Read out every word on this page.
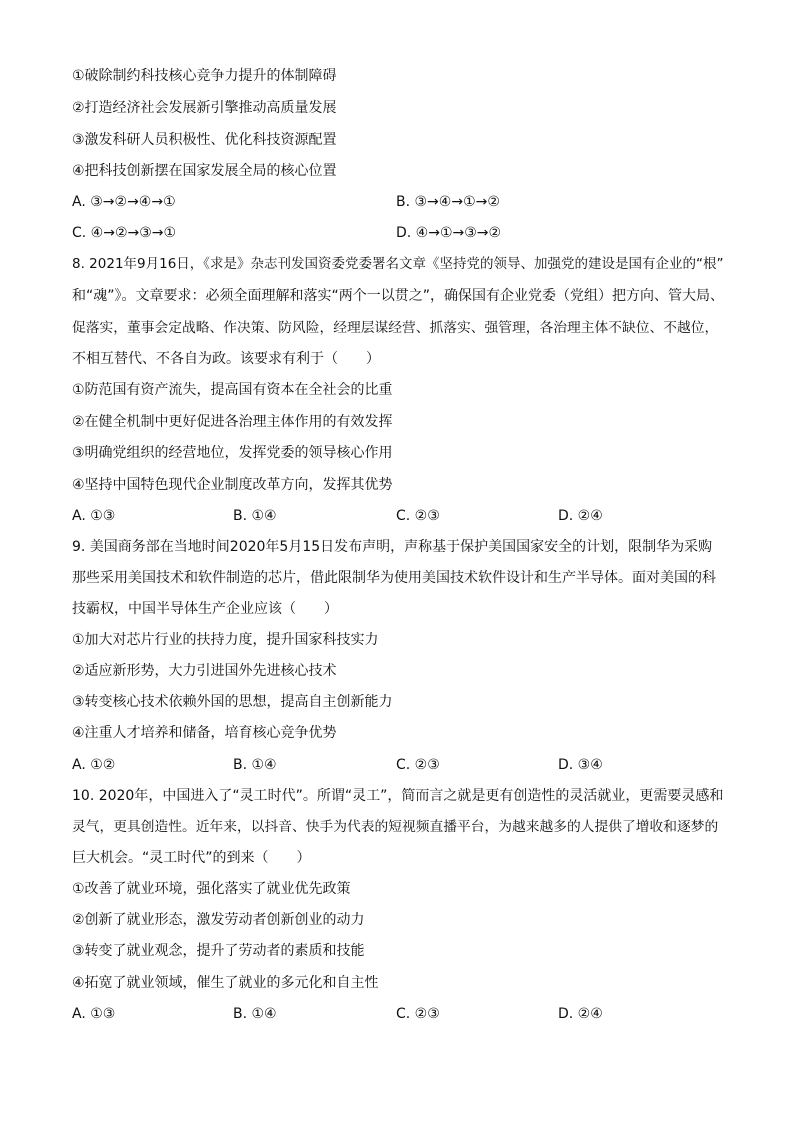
①破除制约科技核心竞争力提升的体制障碍
②打造经济社会发展新引擎推动高质量发展
③激发科研人员积极性、优化科技资源配置
④把科技创新摆在国家发展全局的核心位置
A. ③→②→④→①	B. ③→④→①→②
C. ④→②→③→①	D. ④→①→③→②
8. 2021年9月16日，《求是》杂志刊发国资委党委署名文章《坚持党的领导、加强党的建设是国有企业的“根”
和“魂”》。文章要求：必须全面理解和落实“两个一以贯之”，确保国有企业党委（党组）把方向、管大局、
促落实，董事会定战略、作决策、防风险，经理层谋经营、抓落实、强管理，各治理主体不缺位、不越位，
不相互替代、不各自为政。该要求有利于（　　）
①防范国有资产流失，提高国有资本在全社会的比重
②在健全机制中更好促进各治理主体作用的有效发挥
③明确党组织的经营地位，发挥党委的领导核心作用
④坚持中国特色现代企业制度改革方向，发挥其优势
A. ①③	B. ①④	C. ②③	D. ②④
9. 美国商务部在当地时间2020年5月15日发布声明，声称基于保护美国国家安全的计划，限制华为采购
那些采用美国技术和软件制造的芯片，借此限制华为使用美国技术软件设计和生产半导体。面对美国的科
技霸权，中国半导体生产企业应该（　　）
①加大对芯片行业的扶持力度，提升国家科技实力
②适应新形势，大力引进国外先进核心技术
③转变核心技术依赖外国的思想，提高自主创新能力
④注重人才培养和储备，培育核心竞争优势
A. ①②	B. ①④	C. ②③	D. ③④
10. 2020年，中国进入了“灵工时代”。所谓“灵工”，简而言之就是更有创造性的灵活就业，更需要灵感和
灵气，更具创造性。近年来，以抖音、快手为代表的短视频直播平台，为越来越多的人提供了增收和逐梦的
巨大机会。“灵工时代”的到来（　　）
①改善了就业环境，强化落实了就业优先政策
②创新了就业形态，激发劳动者创新创业的动力
③转变了就业观念，提升了劳动者的素质和技能
④拓宽了就业领域，催生了就业的多元化和自主性
A. ①③	B. ①④	C. ②③	D. ②④
